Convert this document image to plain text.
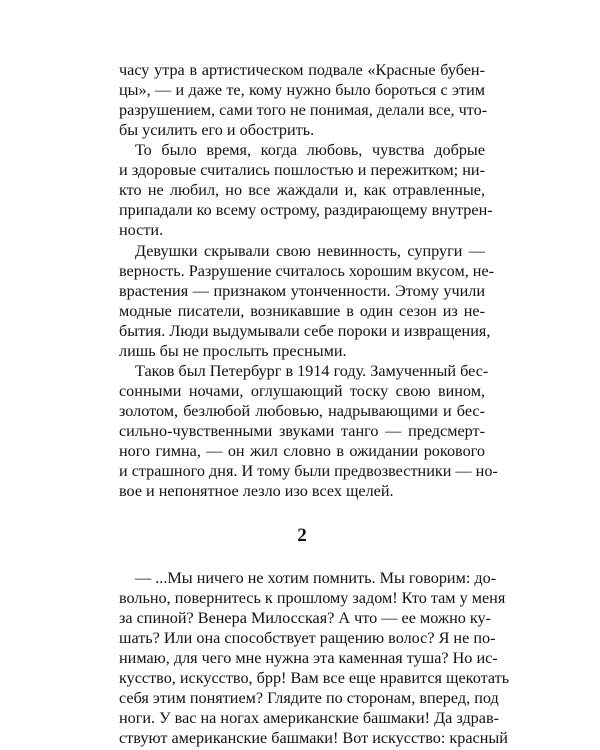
часу утра в артистическом подвале «Красные бубен-
цы», — и даже те, кому нужно было бороться с этим
разрушением, сами того не понимая, делали все, что-
бы усилить его и обострить.
То было время, когда любовь, чувства добрые
и здоровые считались пошлостью и пережитком; ни-
кто не любил, но все жаждали и, как отравленные,
припадали ко всему острому, раздирающему внутрен-
ности.
Девушки скрывали свою невинность, супруги —
верность. Разрушение считалось хорошим вкусом, не-
врастения — признаком утонченности. Этому учили
модные писатели, возникавшие в один сезон из не-
бытия. Люди выдумывали себе пороки и извращения,
лишь бы не прослыть пресными.
Таков был Петербург в 1914 году. Замученный бес-
сонными ночами, оглушающий тоску свою вином,
золотом, безлюбой любовью, надрывающими и бес-
сильно-чувственными звуками танго — предсмерт-
ного гимна, — он жил словно в ожидании рокового
и страшного дня. И тому были предвозвестники — но-
вое и непонятное лезло изо всех щелей.
2
— ...Мы ничего не хотим помнить. Мы говорим: до-
вольно, повернитесь к прошлому задом! Кто там у меня
за спиной? Венера Милосская? А что — ее можно ку-
шать? Или она способствует ращению волос? Я не по-
нимаю, для чего мне нужна эта каменная туша? Но ис-
кусство, искусство, брр! Вам все еще нравится щекотать
себя этим понятием? Глядите по сторонам, вперед, под
ноги. У вас на ногах американские башмаки! Да здрав-
ствуют американские башмаки! Вот искусство: красный
